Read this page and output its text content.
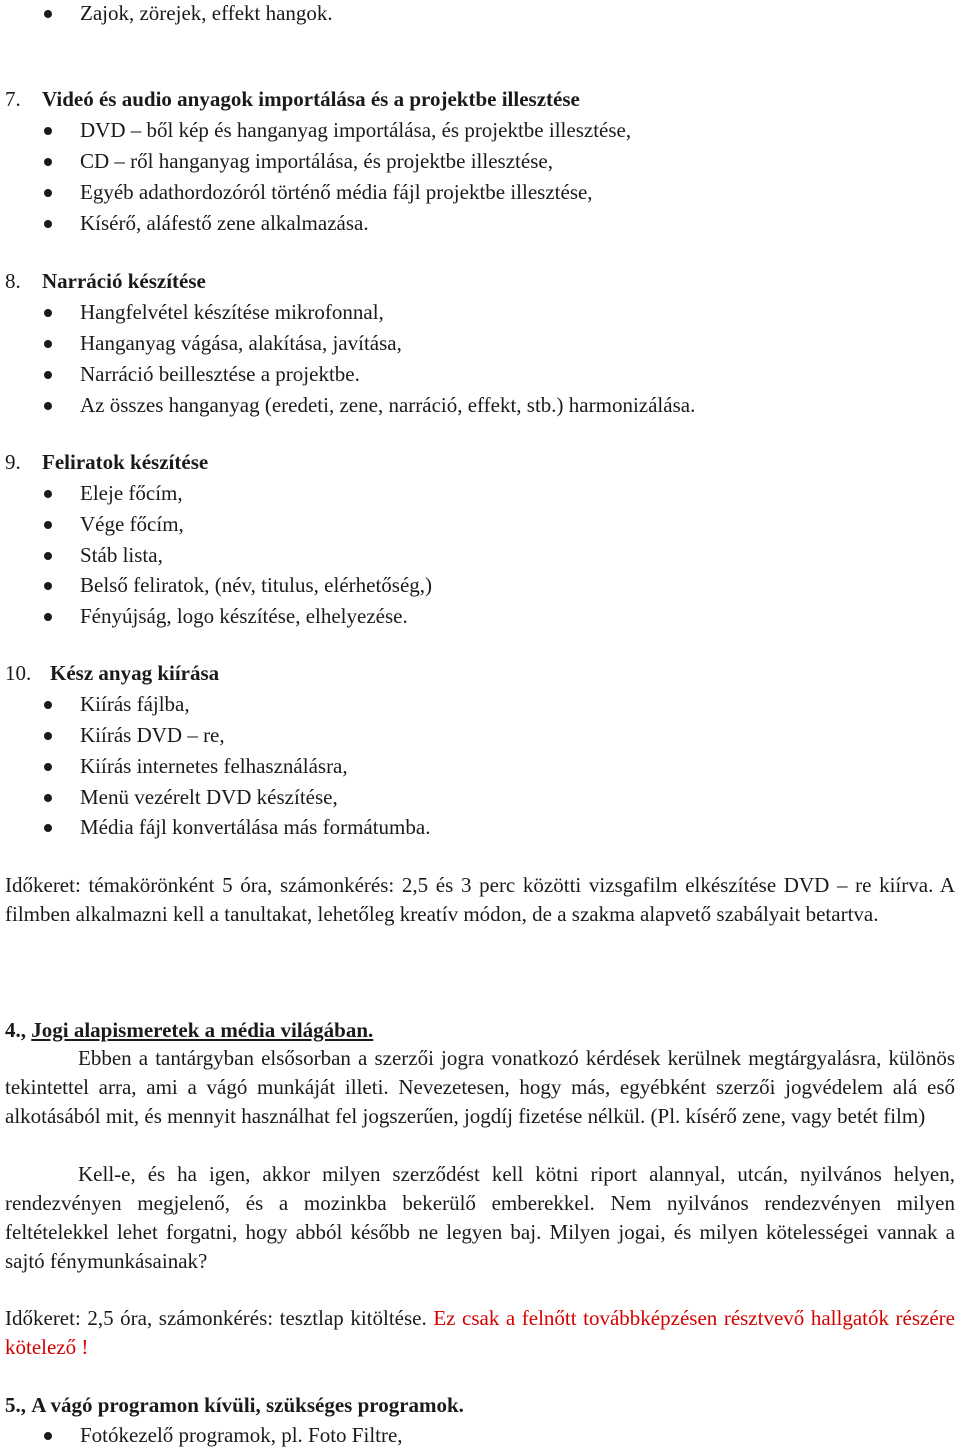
Zajok, zörejek, effekt hangok.
7. Videó és audio anyagok importálása és a projektbe illesztése
DVD – ből kép és hanganyag importálása, és projektbe illesztése,
CD – ről hanganyag importálása, és projektbe illesztése,
Egyéb adathordozóról történő média fájl projektbe illesztése,
Kísérő, aláfestő zene alkalmazása.
8. Narráció készítése
Hangfelvétel készítése mikrofonnal,
Hanganyag vágása, alakítása, javítása,
Narráció beillesztése a projektbe.
Az összes hanganyag (eredeti, zene, narráció, effekt, stb.) harmonizálása.
9. Feliratok készítése
Eleje főcím,
Vége főcím,
Stáb lista,
Belső feliratok, (név, titulus, elérhetőség,)
Fényújság, logo készítése, elhelyezése.
10. Kész anyag kiírása
Kiírás fájlba,
Kiírás DVD – re,
Kiírás internetes felhasználásra,
Menü vezérelt DVD készítése,
Média fájl konvertálása más formátumba.
Időkeret: témakörönként 5 óra, számonkérés: 2,5 és 3 perc közötti vizsgafilm elkészítése DVD – re kiírva. A filmben alkalmazni kell a tanultakat, lehetőleg kreatív módon, de a szakma alapvető szabályait betartva.
4., Jogi alapismeretek a média világában.
Ebben a tantárgyban elsősorban a szerzői jogra vonatkozó kérdések kerülnek megtárgyalásra, különös tekintettel arra, ami a vágó munkáját illeti. Nevezetesen, hogy más, egyébként szerzői jogvédelem alá eső alkotásából mit, és mennyit használhat fel jogszerűen, jogdíj fizetése nélkül. (Pl. kísérő zene, vagy betét film)
Kell-e, és ha igen, akkor milyen szerződést kell kötni riport alannyal, utcán, nyilvános helyen, rendezvényen megjelenő, és a mozinkba bekerülő emberekkel. Nem nyilvános rendezvényen milyen feltételekkel lehet forgatni, hogy abból később ne legyen baj. Milyen jogai, és milyen kötelességei vannak a sajtó fénymunkásainak?
Időkeret: 2,5 óra, számonkérés: tesztlap kitöltése. Ez csak a felnőtt továbbképzésen résztvevő hallgatók részére kötelező !
5., A vágó programon kívüli, szükséges programok.
Fotókezelő programok, pl. Foto Filtre,
